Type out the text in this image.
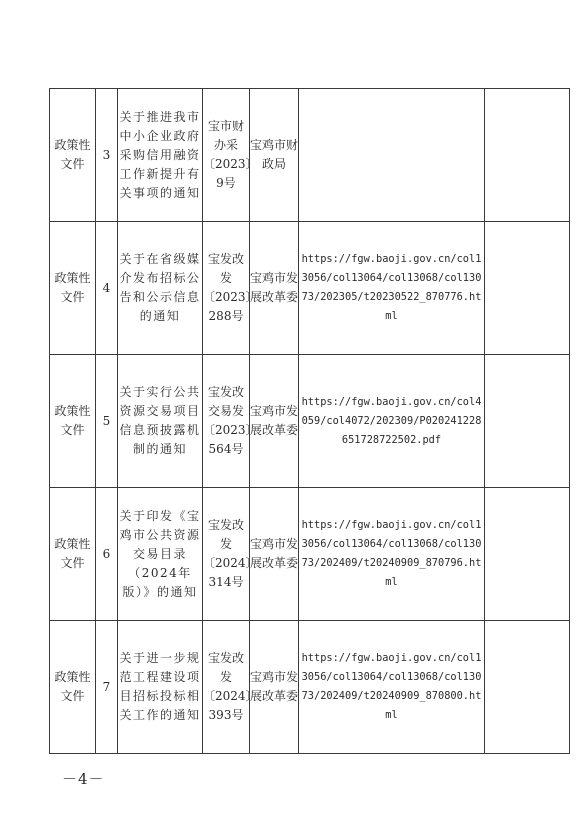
政策性文件	3	关于推进我市中小企业政府采购信用融资工作新提升有关事项的通知	宝市财办采〔2023〕9号	宝鸡市财政局	

政策性文件	4	关于在省级媒介发布招标公告和公示信息的通知	宝发改发〔2023〕288号	宝鸡市发展改革委	https://fgw.baoji.gov.cn/col13056/col13064/col13068/col13073/202305/t20230522_870776.html	

政策性文件	5	关于实行公共资源交易项目信息预披露机制的通知	宝发改交易发〔2023〕564号	宝鸡市发展改革委	https://fgw.baoji.gov.cn/col4059/col4072/202309/P020241228651728722502.pdf	

政策性文件	6	关于印发《宝鸡市公共资源交易目录（2024年版）》的通知	宝发改发〔2024〕314号	宝鸡市发展改革委	https://fgw.baoji.gov.cn/col13056/col13064/col13068/col13073/202409/t20240909_870796.html	

政策性文件	7	关于进一步规范工程建设项目招标投标相关工作的通知	宝发改发〔2024〕393号	宝鸡市发展改革委	https://fgw.baoji.gov.cn/col13056/col13064/col13068/col13073/202409/t20240909_870800.html	

－4－
